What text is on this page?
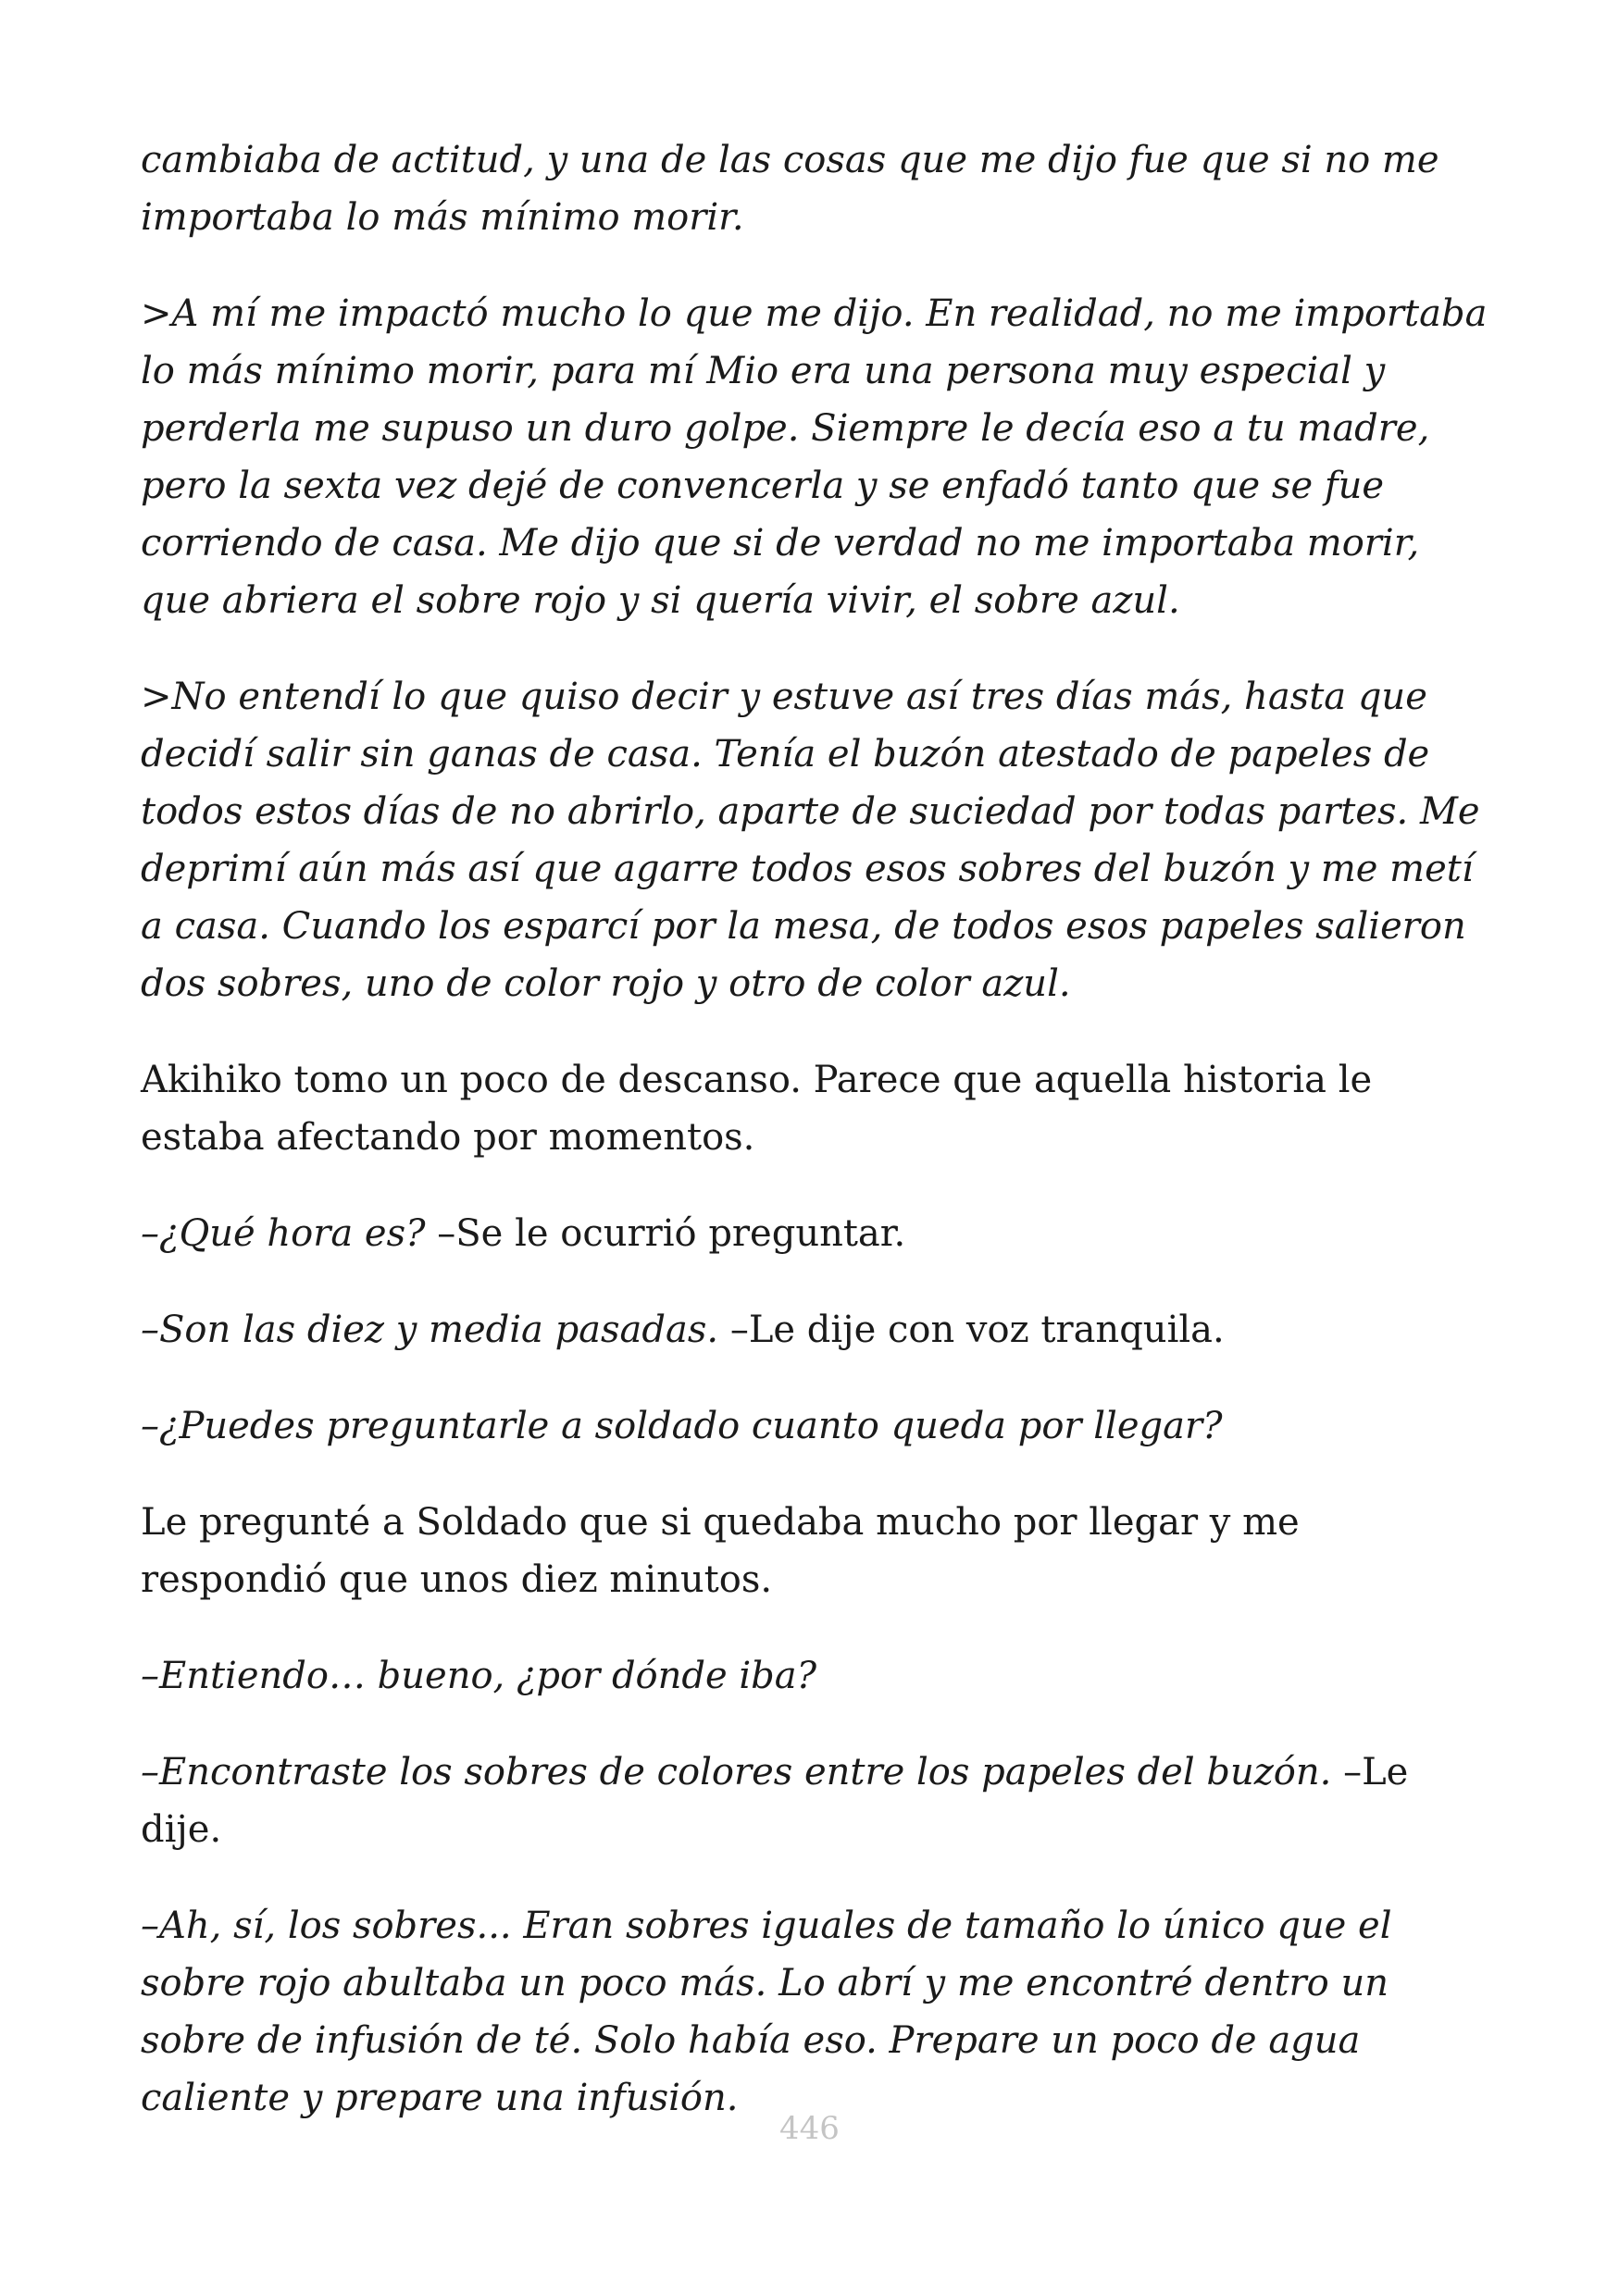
cambiaba de actitud, y una de las cosas que me dijo fue que si no me importaba lo más mínimo morir.

>A mí me impactó mucho lo que me dijo. En realidad, no me importaba lo más mínimo morir, para mí Mio era una persona muy especial y perderla me supuso un duro golpe. Siempre le decía eso a tu madre, pero la sexta vez dejé de convencerla y se enfadó tanto que se fue corriendo de casa. Me dijo que si de verdad no me importaba morir, que abriera el sobre rojo y si quería vivir, el sobre azul.

>No entendí lo que quiso decir y estuve así tres días más, hasta que decidí salir sin ganas de casa. Tenía el buzón atestado de papeles de todos estos días de no abrirlo, aparte de suciedad por todas partes. Me deprimí aún más así que agarre todos esos sobres del buzón y me metí a casa. Cuando los esparcí por la mesa, de todos esos papeles salieron dos sobres, uno de color rojo y otro de color azul.

Akihiko tomo un poco de descanso. Parece que aquella historia le estaba afectando por momentos.

–¿Qué hora es? –Se le ocurrió preguntar.

–Son las diez y media pasadas. –Le dije con voz tranquila.

–¿Puedes preguntarle a soldado cuanto queda por llegar?

Le pregunté a Soldado que si quedaba mucho por llegar y me respondió que unos diez minutos.

–Entiendo… bueno, ¿por dónde iba?

–Encontraste los sobres de colores entre los papeles del buzón. –Le dije.

–Ah, sí, los sobres... Eran sobres iguales de tamaño lo único que el sobre rojo abultaba un poco más. Lo abrí y me encontré dentro un sobre de infusión de té. Solo había eso. Prepare un poco de agua caliente y prepare una infusión.

446
